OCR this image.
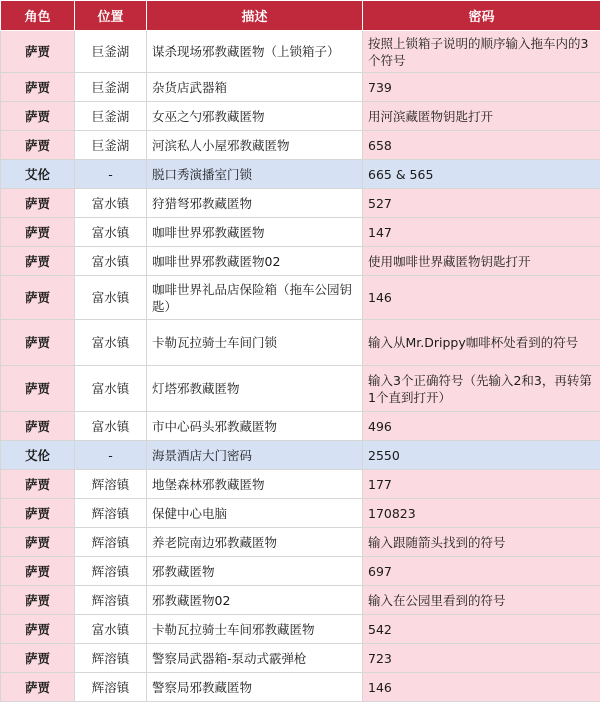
角色	位置	描述	密码
萨贾	巨釜湖	谋杀现场邪教藏匿物（上锁箱子）	按照上锁箱子说明的顺序输入拖车内的3个符号
萨贾	巨釜湖	杂货店武器箱	739
萨贾	巨釜湖	女巫之勺邪教藏匿物	用河滨藏匿物钥匙打开
萨贾	巨釜湖	河滨私人小屋邪教藏匿物	658
艾伦	-	脱口秀演播室门锁	665 & 565
萨贾	富水镇	狩猎弩邪教藏匿物	527
萨贾	富水镇	咖啡世界邪教藏匿物	147
萨贾	富水镇	咖啡世界邪教藏匿物02	使用咖啡世界藏匿物钥匙打开
萨贾	富水镇	咖啡世界礼品店保险箱（拖车公园钥匙）	146
萨贾	富水镇	卡勒瓦拉骑士车间门锁	输入从Mr.Drippy咖啡杯处看到的符号
萨贾	富水镇	灯塔邪教藏匿物	输入3个正确符号（先输入2和3，再转第1个直到打开）
萨贾	富水镇	市中心码头邪教藏匿物	496
艾伦	-	海景酒店大门密码	2550
萨贾	辉溶镇	地堡森林邪教藏匿物	177
萨贾	辉溶镇	保健中心电脑	170823
萨贾	辉溶镇	养老院南边邪教藏匿物	输入跟随箭头找到的符号
萨贾	辉溶镇	邪教藏匿物	697
萨贾	辉溶镇	邪教藏匿物02	输入在公园里看到的符号
萨贾	富水镇	卡勒瓦拉骑士车间邪教藏匿物	542
萨贾	辉溶镇	警察局武器箱-泵动式霰弹枪	723
萨贾	辉溶镇	警察局邪教藏匿物	146
